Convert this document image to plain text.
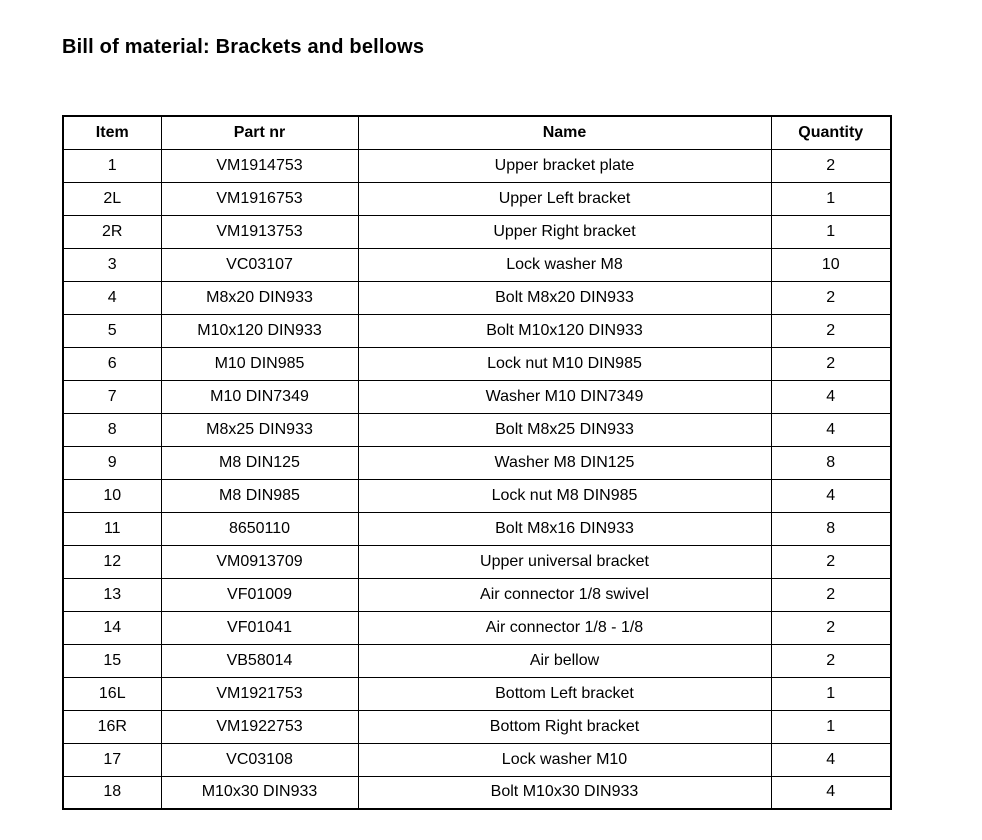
Bill of material: Brackets and bellows
Item	Part nr	Name	Quantity
1	VM1914753	Upper bracket plate	2
2L	VM1916753	Upper Left bracket	1
2R	VM1913753	Upper Right bracket	1
3	VC03107	Lock washer M8	10
4	M8x20 DIN933	Bolt M8x20 DIN933	2
5	M10x120 DIN933	Bolt M10x120 DIN933	2
6	M10 DIN985	Lock nut M10 DIN985	2
7	M10 DIN7349	Washer M10 DIN7349	4
8	M8x25 DIN933	Bolt M8x25 DIN933	4
9	M8 DIN125	Washer M8 DIN125	8
10	M8 DIN985	Lock nut M8 DIN985	4
11	8650110	Bolt M8x16 DIN933	8
12	VM0913709	Upper universal bracket	2
13	VF01009	Air connector 1/8 swivel	2
14	VF01041	Air connector 1/8 - 1/8	2
15	VB58014	Air bellow	2
16L	VM1921753	Bottom Left bracket	1
16R	VM1922753	Bottom Right bracket	1
17	VC03108	Lock washer M10	4
18	M10x30 DIN933	Bolt M10x30 DIN933	4
